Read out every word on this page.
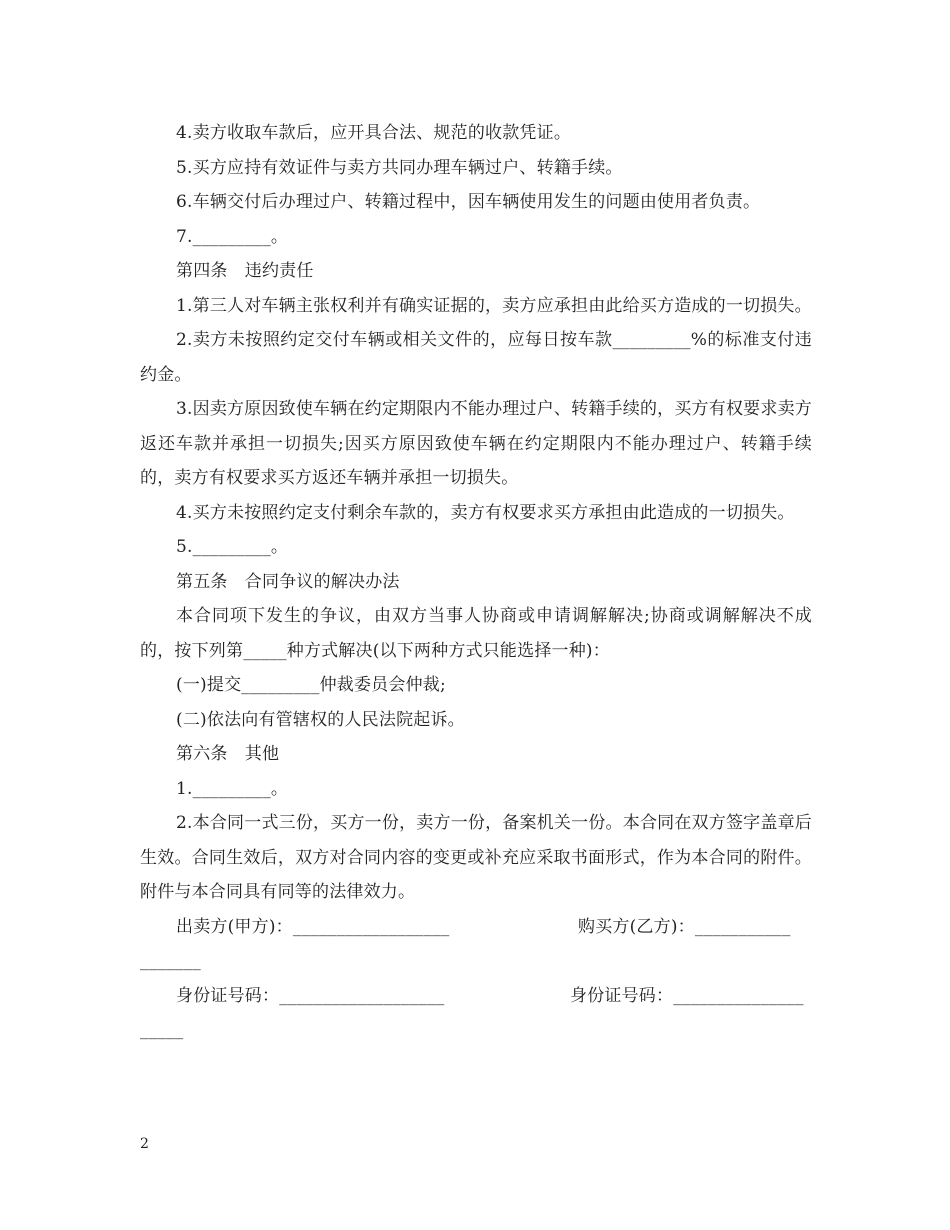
4.卖方收取车款后，应开具合法、规范的收款凭证。

5.买方应持有效证件与卖方共同办理车辆过户、转籍手续。

6.车辆交付后办理过户、转籍过程中，因车辆使用发生的问题由使用者负责。

7._________。

第四条　违约责任

1.第三人对车辆主张权利并有确实证据的，卖方应承担由此给买方造成的一切损失。

2.卖方未按照约定交付车辆或相关文件的，应每日按车款_________%的标准支付违约金。

3.因卖方原因致使车辆在约定期限内不能办理过户、转籍手续的，买方有权要求卖方返还车款并承担一切损失;因买方原因致使车辆在约定期限内不能办理过户、转籍手续的，卖方有权要求买方返还车辆并承担一切损失。

4.买方未按照约定支付剩余车款的，卖方有权要求买方承担由此造成的一切损失。

5._________。

第五条　合同争议的解决办法

本合同项下发生的争议，由双方当事人协商或申请调解解决;协商或调解解决不成的，按下列第_____种方式解决(以下两种方式只能选择一种)：

(一)提交_________仲裁委员会仲裁;

(二)依法向有管辖权的人民法院起诉。

第六条　其他

1._________。

2.本合同一式三份，买方一份，卖方一份，备案机关一份。本合同在双方签字盖章后生效。合同生效后，双方对合同内容的变更或补充应采取书面形式，作为本合同的附件。附件与本合同具有同等的法律效力。

出卖方(甲方)：__________________	购买方(乙方)：___________
_______
身份证号码：___________________	身份证号码：_______________
_____
2
